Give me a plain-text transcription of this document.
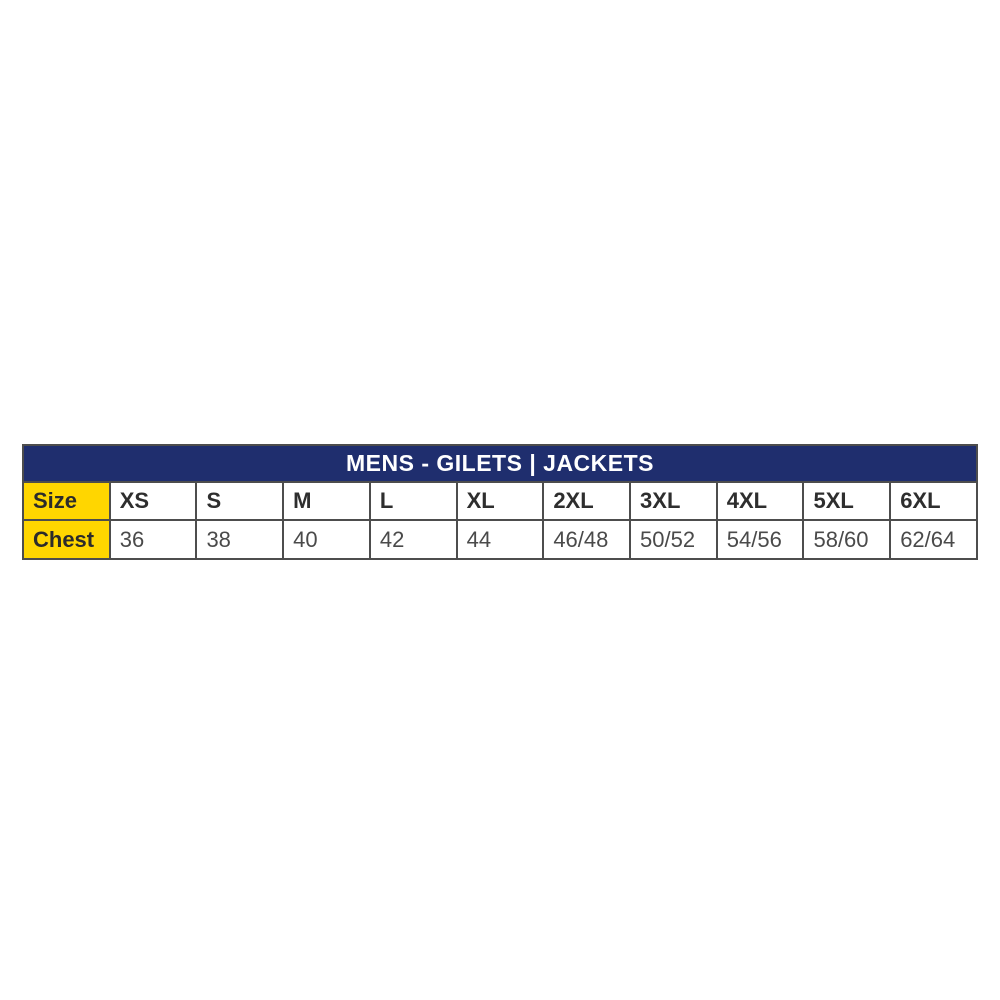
MENS - GILETS | JACKETS										
Size	XS	S	M	L	XL	2XL	3XL	4XL	5XL	6XL
Chest	36	38	40	42	44	46/48	50/52	54/56	58/60	62/64
